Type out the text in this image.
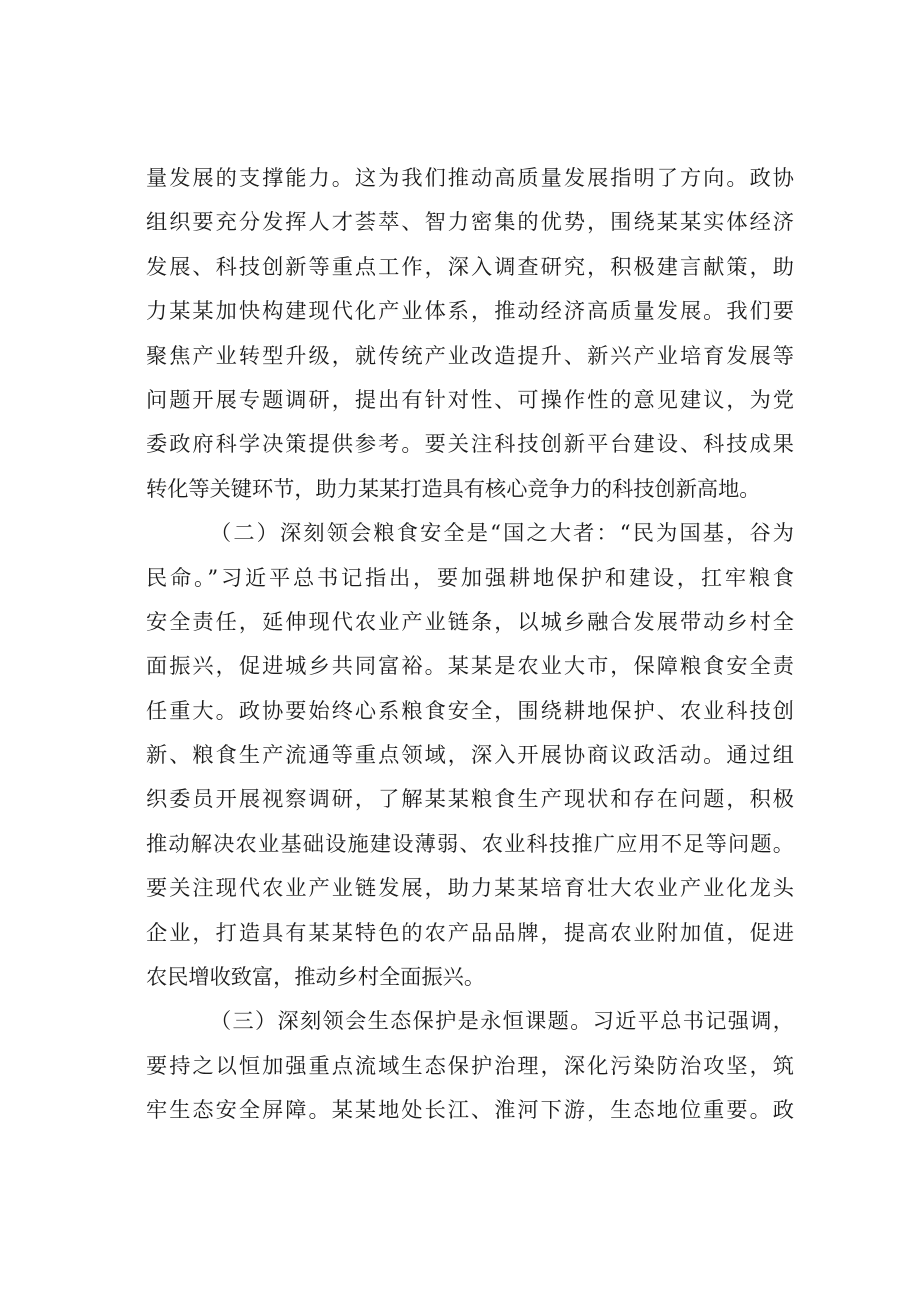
量发展的支撑能力。这为我们推动高质量发展指明了方向。政协
组织要充分发挥人才荟萃、智力密集的优势，围绕某某实体经济
发展、科技创新等重点工作，深入调查研究，积极建言献策，助
力某某加快构建现代化产业体系，推动经济高质量发展。我们要
聚焦产业转型升级，就传统产业改造提升、新兴产业培育发展等
问题开展专题调研，提出有针对性、可操作性的意见建议，为党
委政府科学决策提供参考。要关注科技创新平台建设、科技成果
转化等关键环节，助力某某打造具有核心竞争力的科技创新高地。
（二）深刻领会粮食安全是“国之大者：“民为国基，谷为
民命。”习近平总书记指出，要加强耕地保护和建设，扛牢粮食
安全责任，延伸现代农业产业链条，以城乡融合发展带动乡村全
面振兴，促进城乡共同富裕。某某是农业大市，保障粮食安全责
任重大。政协要始终心系粮食安全，围绕耕地保护、农业科技创
新、粮食生产流通等重点领域，深入开展协商议政活动。通过组
织委员开展视察调研，了解某某粮食生产现状和存在问题，积极
推动解决农业基础设施建设薄弱、农业科技推广应用不足等问题。
要关注现代农业产业链发展，助力某某培育壮大农业产业化龙头
企业，打造具有某某特色的农产品品牌，提高农业附加值，促进
农民增收致富，推动乡村全面振兴。
（三）深刻领会生态保护是永恒课题。习近平总书记强调，
要持之以恒加强重点流域生态保护治理，深化污染防治攻坚，筑
牢生态安全屏障。某某地处长江、淮河下游，生态地位重要。政
